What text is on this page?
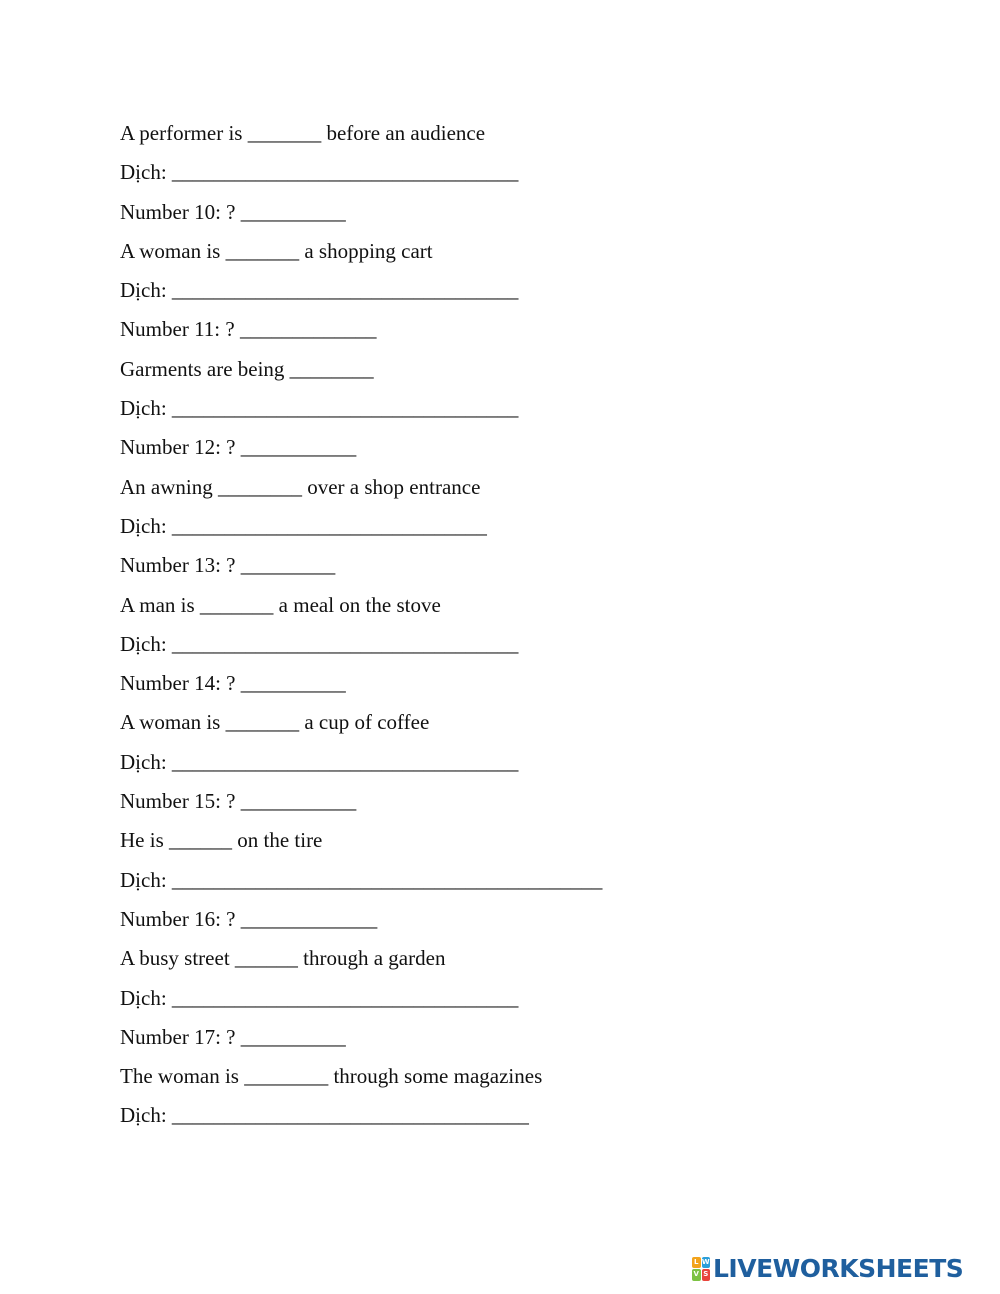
A performer is _______ before an audience
Dịch: _________________________________
Number 10: ? __________
A woman is _______ a shopping cart
Dịch: _________________________________
Number 11: ? _____________
Garments are being ________
Dịch: _________________________________
Number 12: ? ___________
An awning ________ over a shop entrance
Dịch: ______________________________
Number 13: ? _________
A man is _______ a meal on the stove
Dịch: _________________________________
Number 14: ? __________
A woman is _______ a cup of coffee
Dịch: _________________________________
Number 15: ? ___________
He is ______ on the tire
Dịch: _________________________________________
Number 16: ? _____________
A busy street ______ through a garden
Dịch: _________________________________
Number 17: ? __________
The woman is ________ through some magazines
Dịch: __________________________________
L W
V S LIVEWORKSHEETS
